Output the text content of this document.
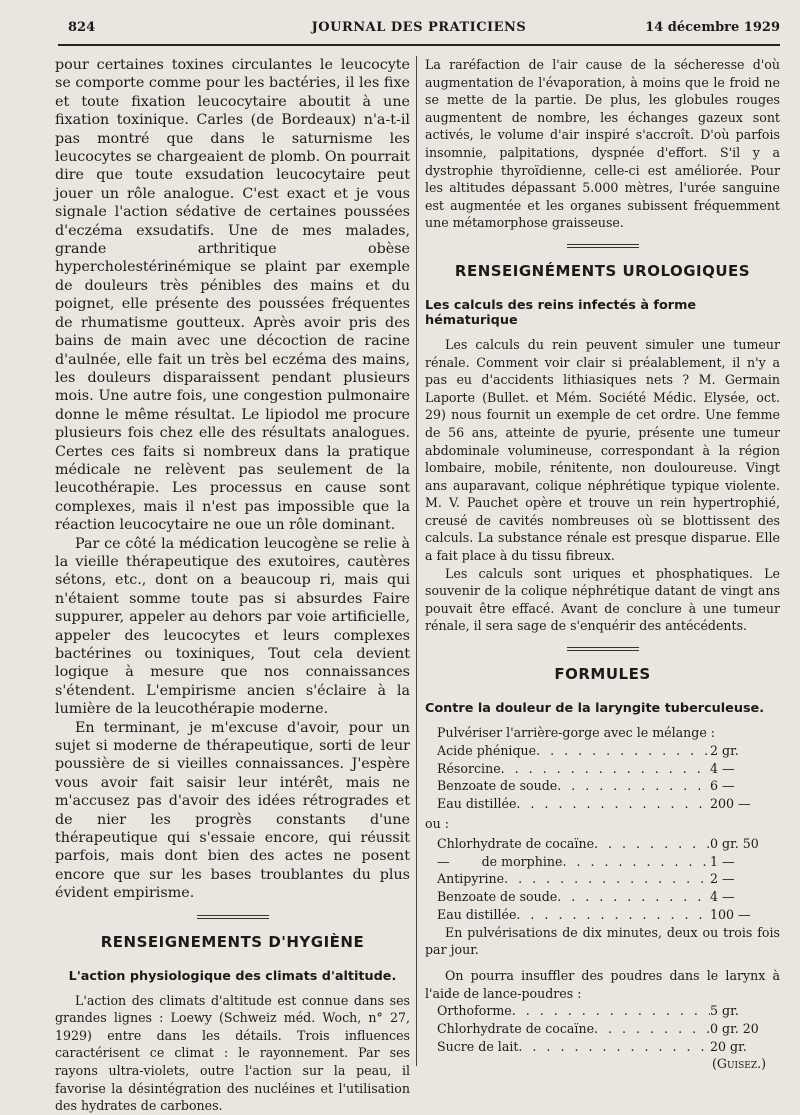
824	JOURNAL DES PRATICIENS	14 décembre 1929

pour certaines toxines circulantes le leucocyte se comporte comme pour les bactéries, il les fixe et toute fixation leucocytaire aboutit à une fixation toxinique. Carles (de Bordeaux) n'a-t-il pas montré que dans le saturnisme les leucocytes se chargeaient de plomb. On pourrait dire que toute exsudation leucocytaire peut jouer un rôle analogue. C'est exact et je vous signale l'action sédative de certaines poussées d'eczéma exsudatifs. Une de mes malades, grande arthritique obèse hypercholestérinémique se plaint par exemple de douleurs très pénibles des mains et du poignet, elle présente des poussées fréquentes de rhumatisme goutteux. Après avoir pris des bains de main avec une décoction de racine d'aulnée, elle fait un très bel eczéma des mains, les douleurs disparaissent pendant plusieurs mois. Une autre fois, une congestion pulmonaire donne le même résultat. Le lipiodol me procure plusieurs fois chez elle des résultats analogues. Certes ces faits si nombreux dans la pratique médicale ne relèvent pas seulement de la leucothérapie. Les processus en cause sont complexes, mais il n'est pas impossible que la réaction leucocytaire ne oue un rôle dominant.

Par ce côté la médication leucogène se relie à la vieille thérapeutique des exutoires, cautères sétons, etc., dont on a beaucoup ri, mais qui n'étaient somme toute pas si absurdes Faire suppurer, appeler au dehors par voie artificielle, appeler des leucocytes et leurs complexes bactérines ou toxiniques, Tout cela devient logique à mesure que nos connaissances s'étendent. L'empirisme ancien s'éclaire à la lumière de la leucothérapie moderne.

En terminant, je m'excuse d'avoir, pour un sujet si moderne de thérapeutique, sorti de leur poussière de si vieilles connaissances. J'espère vous avoir fait saisir leur intérêt, mais ne m'accusez pas d'avoir des idées rétrogrades et de nier les progrès constants d'une thérapeutique qui s'essaie encore, qui réussit parfois, mais dont bien des actes ne posent encore que sur les bases troublantes du plus évident empirisme.

RENSEIGNEMENTS D'HYGIÈNE
L'action physiologique des climats d'altitude.

L'action des climats d'altitude est connue dans ses grandes lignes : Loewy (Schweiz méd. Woch, n° 27, 1929) entre dans les détails. Trois influences caractérisent ce climat : le rayonnement. Par ses rayons ultra-violets, outre l'action sur la peau, il favorise la désintégration des nucléines et l'utilisation des hydrates de carbones.

La raréfaction de l'air cause de la sécheresse d'où augmentation de l'évaporation, à moins que le froid ne se mette de la partie. De plus, les globules rouges augmentent de nombre, les échanges gazeux sont activés, le volume d'air inspiré s'accroît. D'où parfois insomnie, palpitations, dyspnée d'effort. S'il y a dystrophie thyroïdienne, celle-ci est améliorée. Pour les altitudes dépassant 5.000 mètres, l'urée sanguine est augmentée et les organes subissent fréquemment une métamorphose graisseuse.

RENSEIGNÉMENTS UROLOGIQUES
Les calculs des reins infectés à forme hématurique

Les calculs du rein peuvent simuler une tumeur rénale. Comment voir clair si préalablement, il n'y a pas eu d'accidents lithiasiques nets ? M. Germain Laporte (Bullet. et Mém. Société Médic. Elysée, oct. 29) nous fournit un exemple de cet ordre. Une femme de 56 ans, atteinte de pyurie, présente une tumeur abdominale volumineuse, correspondant à la région lombaire, mobile, rénitente, non douloureuse. Vingt ans auparavant, colique néphrétique typique violente. M. V. Pauchet opère et trouve un rein hypertrophié, creusé de cavités nombreuses où se blottissent des calculs. La substance rénale est presque disparue. Elle a fait place à du tissu fibreux.

Les calculs sont uriques et phosphatiques. Le souvenir de la colique néphrétique datant de vingt ans pouvait être effacé. Avant de conclure à une tumeur rénale, il sera sage de s'enquérir des antécédents.

FORMULES
Contre la douleur de la laryngite tuberculeuse.

Pulvériser l'arrière-gorge avec le mélange :

Acide phénique . . .	2 gr.
Résorcine . . .	4 —
Benzoate de soude . . .	6 —
Eau distillée . . .	200 —

ou :

Chlorhydrate de cocaïne . . .	0 gr. 50
—        de morphine . . .	1 —
Antipyrine . . .	2 —
Benzoate de soude . . .	4 —
Eau distillée . . .	100 —

En pulvérisations de dix minutes, deux ou trois fois par jour.

On pourra insuffler des poudres dans le larynx à l'aide de lance-poudres :

Orthoforme . . .	5 gr.
Chlorhydrate de cocaïne . . .	0 gr. 20
Sucre de lait . . .	20 gr.
(Guisez.)
